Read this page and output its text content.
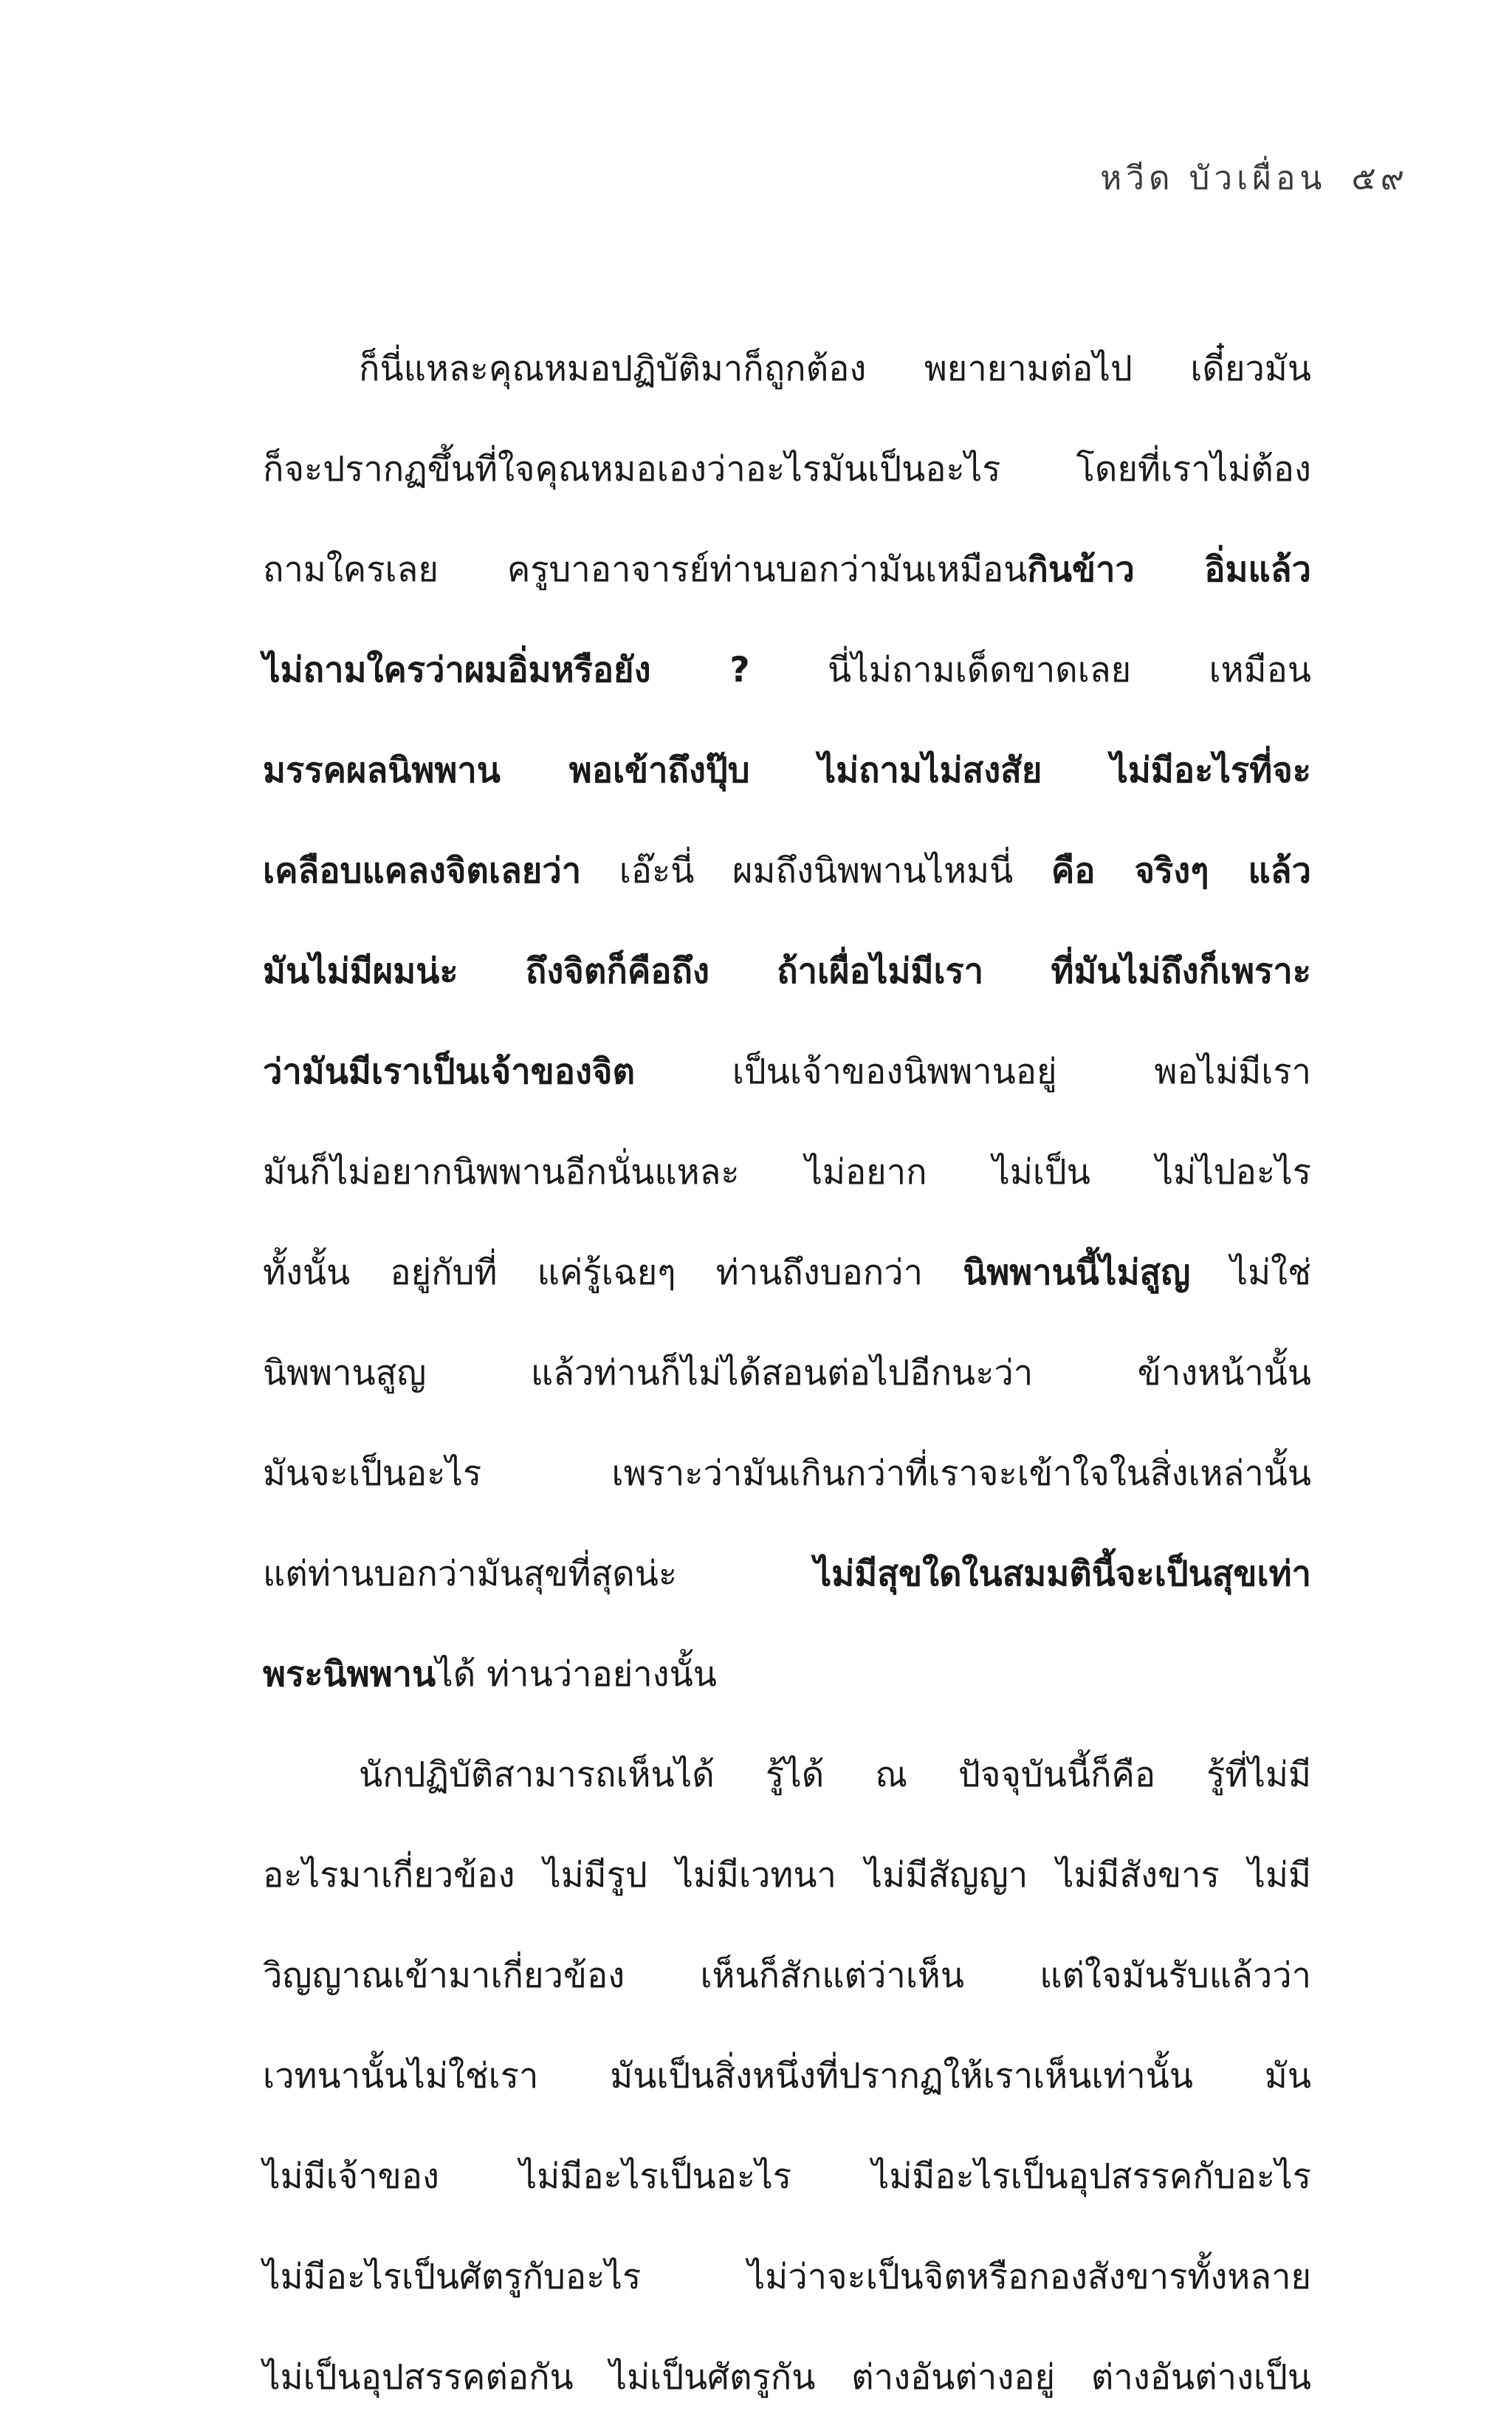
หวีด บัวเผื่อน ๕๙
ก็นี่แหละคุณหมอปฏิบัติมาก็ถูกต้อง พยายามต่อไป เดี๋ยวมัน
ก็จะปรากฏขึ้นที่ใจคุณหมอเองว่าอะไรมันเป็นอะไร โดยที่เราไม่ต้อง
ถามใครเลย ครูบาอาจารย์ท่านบอกว่ามันเหมือนกินข้าว อิ่มแล้ว
ไม่ถามใครว่าผมอิ่มหรือยัง ? นี่ไม่ถามเด็ดขาดเลย เหมือน
มรรคผลนิพพาน พอเข้าถึงปุ๊บ ไม่ถามไม่สงสัย ไม่มีอะไรที่จะ
เคลือบแคลงจิตเลยว่า เอ๊ะนี่ ผมถึงนิพพานไหมนี่ คือ จริงๆ แล้ว
มันไม่มีผมน่ะ ถึงจิตก็คือถึง ถ้าเผื่อไม่มีเรา ที่มันไม่ถึงก็เพราะ
ว่ามันมีเราเป็นเจ้าของจิต เป็นเจ้าของนิพพานอยู่ พอไม่มีเรา
มันก็ไม่อยากนิพพานอีกนั่นแหละ ไม่อยาก ไม่เป็น ไม่ไปอะไร
ทั้งนั้น อยู่กับที่ แค่รู้เฉยๆ ท่านถึงบอกว่า นิพพานนี้ไม่สูญ ไม่ใช่
นิพพานสูญ แล้วท่านก็ไม่ได้สอนต่อไปอีกนะว่า ข้างหน้านั้น
มันจะเป็นอะไร เพราะว่ามันเกินกว่าที่เราจะเข้าใจในสิ่งเหล่านั้น
แต่ท่านบอกว่ามันสุขที่สุดน่ะ ไม่มีสุขใดในสมมตินี้จะเป็นสุขเท่า
พระนิพพานได้ ท่านว่าอย่างนั้น
นักปฏิบัติสามารถเห็นได้ รู้ได้ ณ ปัจจุบันนี้ก็คือ รู้ที่ไม่มี
อะไรมาเกี่ยวข้อง ไม่มีรูป ไม่มีเวทนา ไม่มีสัญญา ไม่มีสังขาร ไม่มี
วิญญาณเข้ามาเกี่ยวข้อง เห็นก็สักแต่ว่าเห็น แต่ใจมันรับแล้วว่า
เวทนานั้นไม่ใช่เรา มันเป็นสิ่งหนึ่งที่ปรากฏให้เราเห็นเท่านั้น มัน
ไม่มีเจ้าของ ไม่มีอะไรเป็นอะไร ไม่มีอะไรเป็นอุปสรรคกับอะไร
ไม่มีอะไรเป็นศัตรูกับอะไร ไม่ว่าจะเป็นจิตหรือกองสังขารทั้งหลาย
ไม่เป็นอุปสรรคต่อกัน ไม่เป็นศัตรูกัน ต่างอันต่างอยู่ ต่างอันต่างเป็น
